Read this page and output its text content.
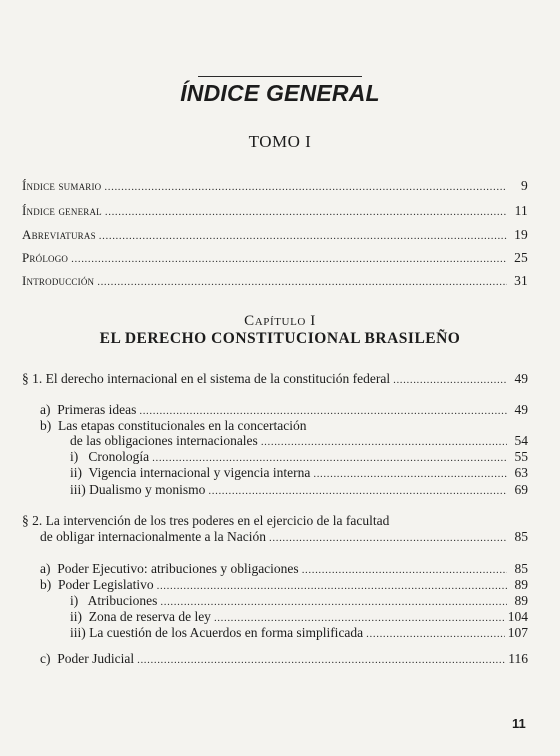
ÍNDICE GENERAL
TOMO I
Índice sumario .....	9
Índice general .....	11
Abreviaturas .....	19
Prólogo .....	25
Introducción .....	31
Capítulo I
EL DERECHO CONSTITUCIONAL BRASILEÑO
§ 1. El derecho internacional en el sistema de la constitución federal .....	49
a)  Primeras ideas .....	49
b)  Las etapas constitucionales en la concertación
de las obligaciones internacionales .....	54
i)   Cronología .....	55
ii)  Vigencia internacional y vigencia interna .....	63
iii) Dualismo y monismo .....	69
§ 2. La intervención de los tres poderes en el ejercicio de la facultad
de obligar internacionalmente a la Nación .....	85
a)  Poder Ejecutivo: atribuciones y obligaciones .....	85
b)  Poder Legislativo .....	89
i)   Atribuciones .....	89
ii)  Zona de reserva de ley .....	104
iii) La cuestión de los Acuerdos en forma simplificada .....	107
c)  Poder Judicial .....	116
11
